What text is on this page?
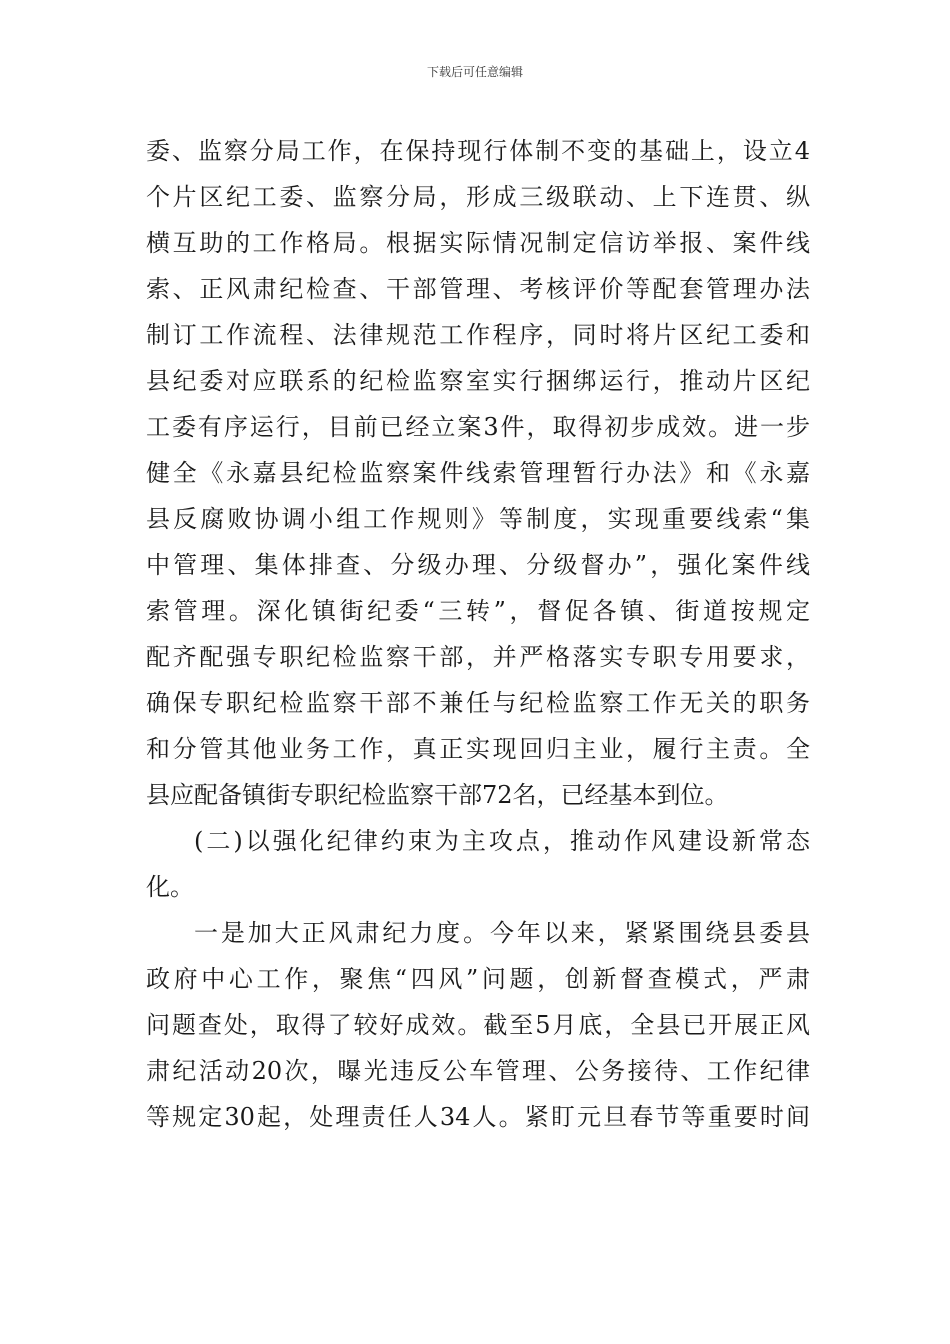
下载后可任意编辑
委、监察分局工作，在保持现行体制不变的基础上，设立4
个片区纪工委、监察分局，形成三级联动、上下连贯、纵
横互助的工作格局。根据实际情况制定信访举报、案件线
索、正风肃纪检查、干部管理、考核评价等配套管理办法
制订工作流程、法律规范工作程序，同时将片区纪工委和
县纪委对应联系的纪检监察室实行捆绑运行，推动片区纪
工委有序运行，目前已经立案3件，取得初步成效。进一步
健全《永嘉县纪检监察案件线索管理暂行办法》和《永嘉
县反腐败协调小组工作规则》等制度，实现重要线索“集
中管理、集体排查、分级办理、分级督办”，强化案件线
索管理。深化镇街纪委“三转”，督促各镇、街道按规定
配齐配强专职纪检监察干部，并严格落实专职专用要求，
确保专职纪检监察干部不兼任与纪检监察工作无关的职务
和分管其他业务工作，真正实现回归主业，履行主责。全
县应配备镇街专职纪检监察干部72名，已经基本到位。
(二)以强化纪律约束为主攻点，推动作风建设新常态
化。
一是加大正风肃纪力度。今年以来，紧紧围绕县委县
政府中心工作，聚焦“四风”问题，创新督查模式，严肃
问题查处，取得了较好成效。截至5月底，全县已开展正风
肃纪活动20次，曝光违反公车管理、公务接待、工作纪律
等规定30起，处理责任人34人。紧盯元旦春节等重要时间
